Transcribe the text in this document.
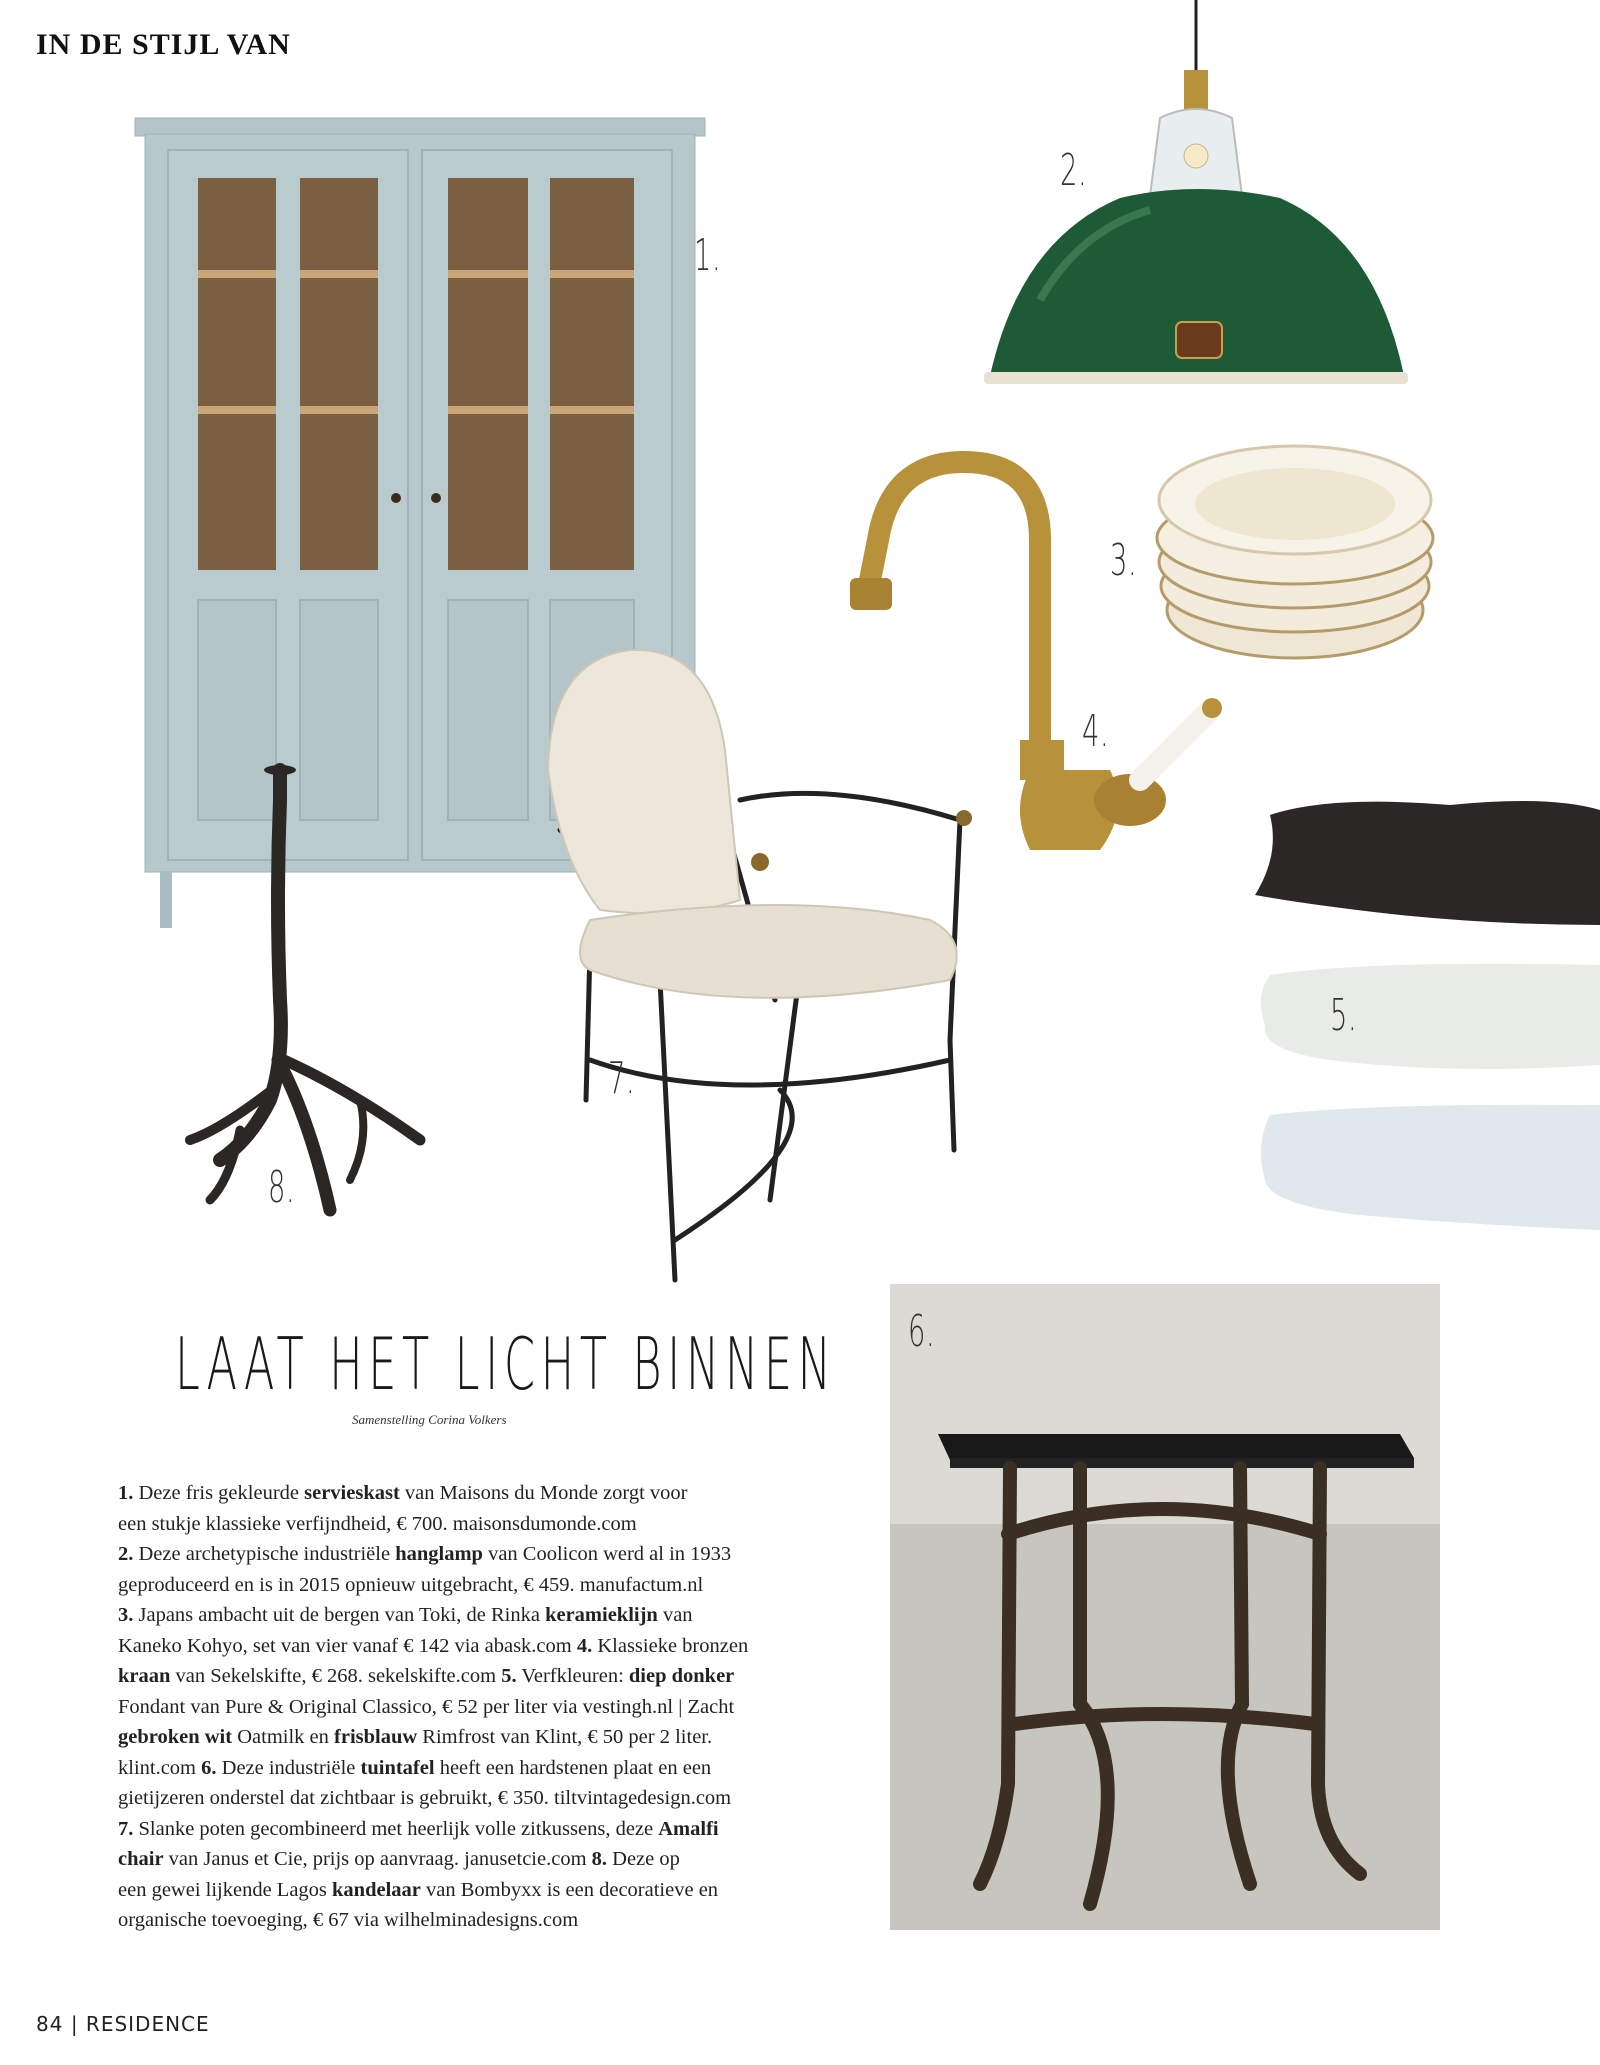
IN DE STIJL VAN
1.
2.
3.
4.
5.
6.
7.
8.
LAAT HET LICHT BINNEN
Samenstelling Corina Volkers
1. Deze fris gekleurde servieskast van Maisons du Monde zorgt voor
een stukje klassieke verfijndheid, € 700. maisonsdumonde.com
2. Deze archetypische industriële hanglamp van Coolicon werd al in 1933
geproduceerd en is in 2015 opnieuw uitgebracht, € 459. manufactum.nl
3. Japans ambacht uit de bergen van Toki, de Rinka keramieklijn van
Kaneko Kohyo, set van vier vanaf € 142 via abask.com 4. Klassieke bronzen
kraan van Sekelskifte, € 268. sekelskifte.com 5. Verfkleuren: diep donker
Fondant van Pure & Original Classico, € 52 per liter via vestingh.nl | Zacht
gebroken wit Oatmilk en frisblauw Rimfrost van Klint, € 50 per 2 liter.
klint.com 6. Deze industriële tuintafel heeft een hardstenen plaat en een
gietijzeren onderstel dat zichtbaar is gebruikt, € 350. tiltvintagedesign.com
7. Slanke poten gecombineerd met heerlijk volle zitkussens, deze Amalfi
chair van Janus et Cie, prijs op aanvraag. janusetcie.com 8. Deze op
een gewei lijkende Lagos kandelaar van Bombyxx is een decoratieve en
organische toevoeging, € 67 via wilhelminadesigns.com
84 | RESIDENCE
